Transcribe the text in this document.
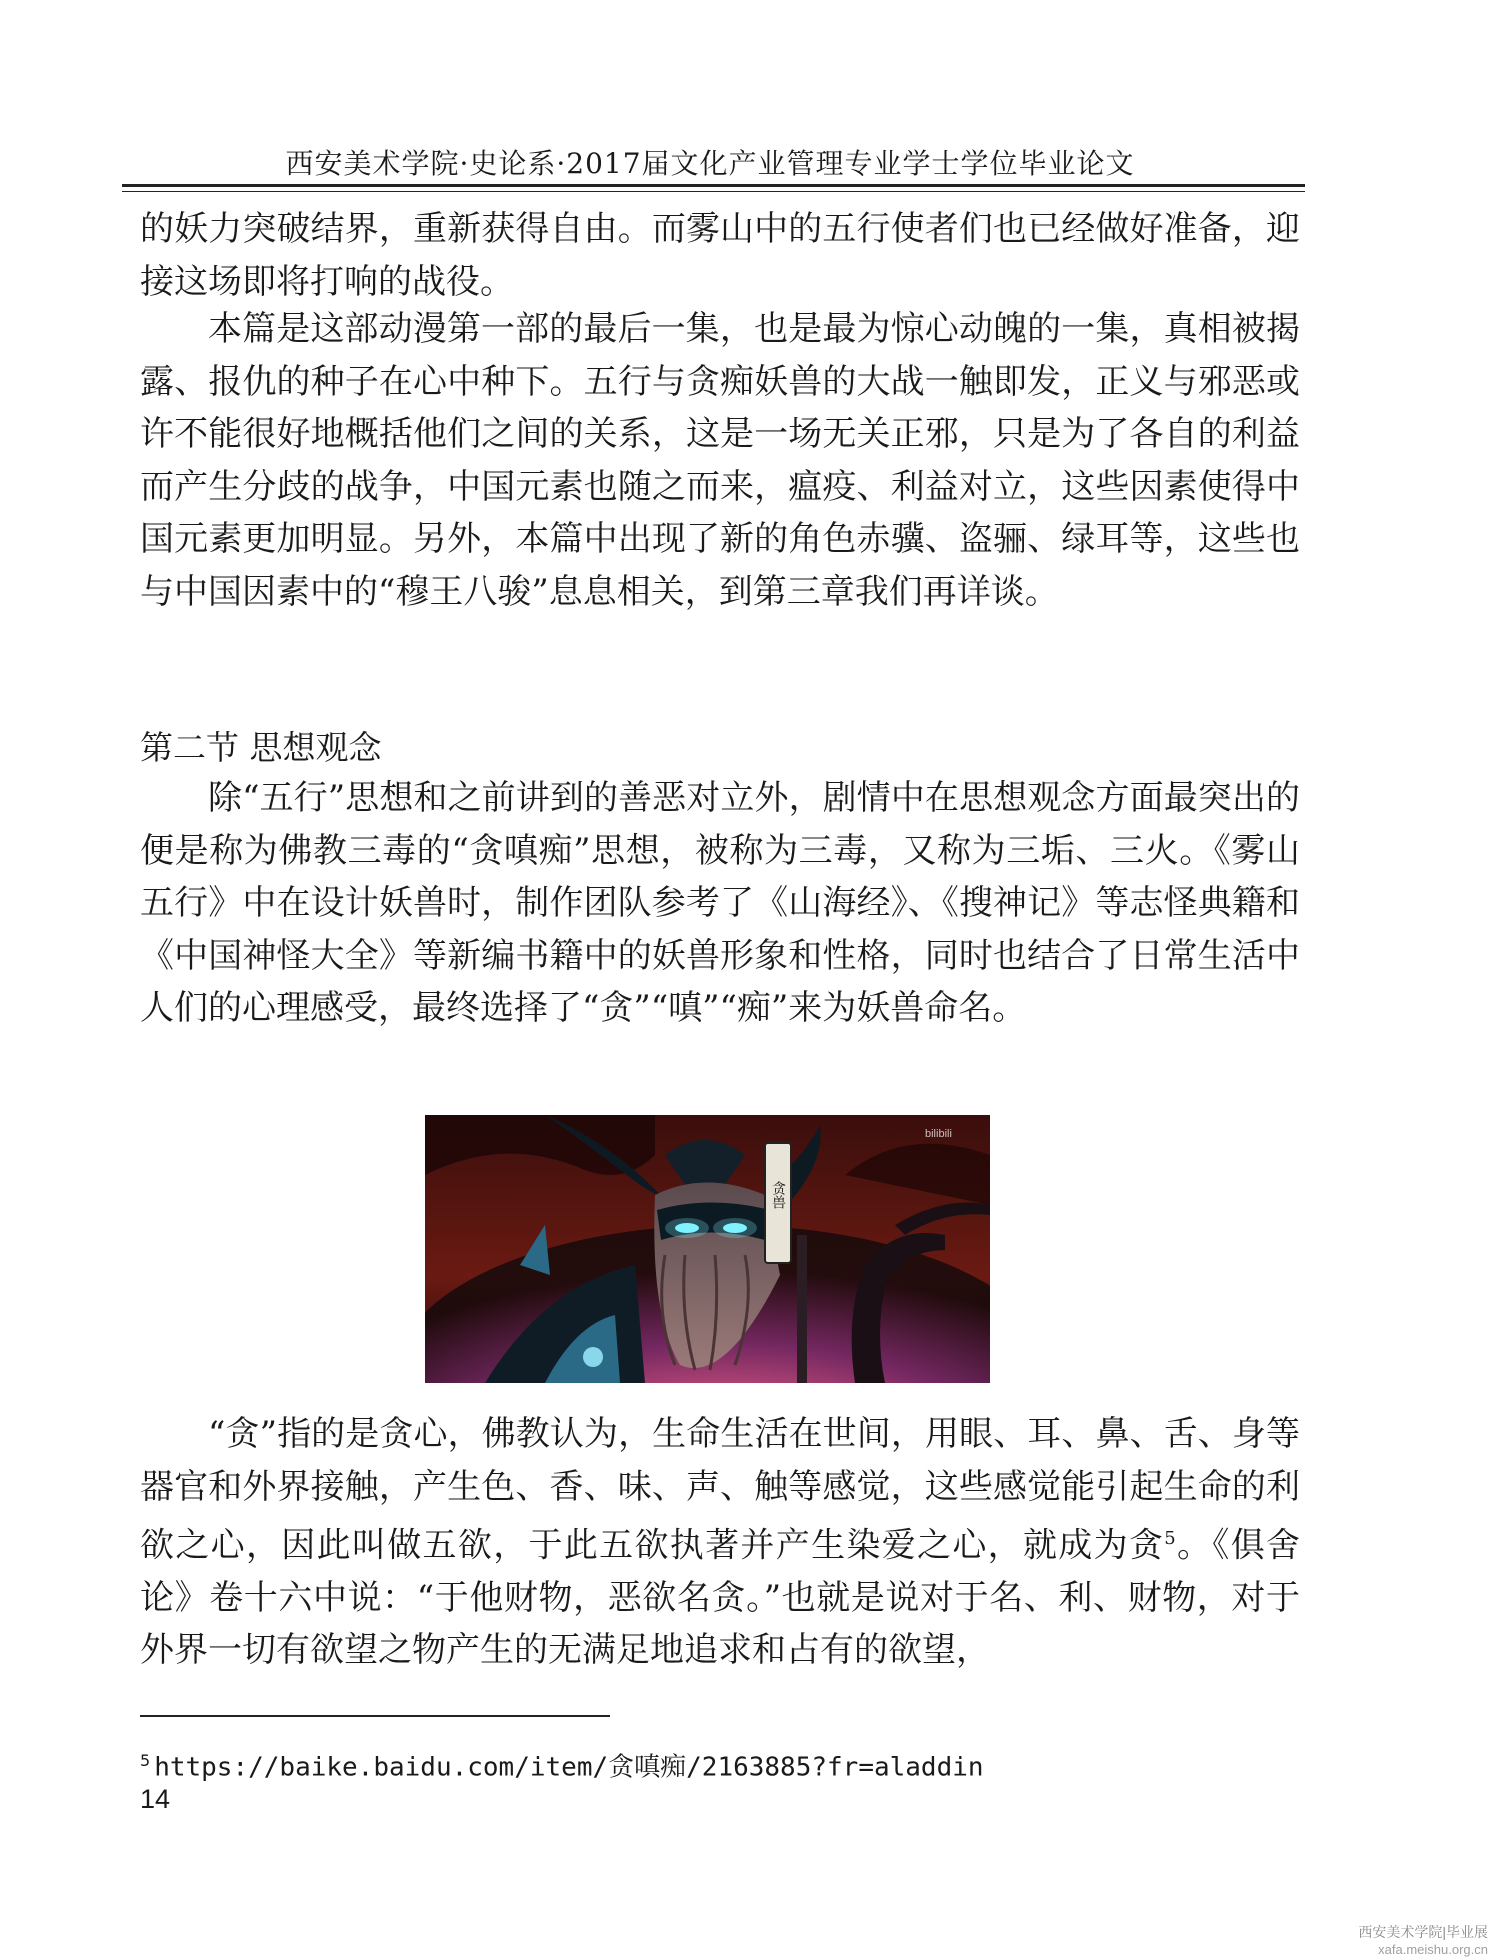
西安美术学院·史论系·2017届文化产业管理专业学士学位毕业论文

的妖力突破结界，重新获得自由。而雾山中的五行使者们也已经做好准备，迎接这场即将打响的战役。

本篇是这部动漫第一部的最后一集，也是最为惊心动魄的一集，真相被揭露、报仇的种子在心中种下。五行与贪痴妖兽的大战一触即发，正义与邪恶或许不能很好地概括他们之间的关系，这是一场无关正邪，只是为了各自的利益而产生分歧的战争，中国元素也随之而来，瘟疫、利益对立，这些因素使得中国元素更加明显。另外，本篇中出现了新的角色赤骥、盗骊、绿耳等，这些也与中国因素中的“穆王八骏”息息相关，到第三章我们再详谈。

第二节 思想观念

除“五行”思想和之前讲到的善恶对立外，剧情中在思想观念方面最突出的便是称为佛教三毒的“贪嗔痴”思想，被称为三毒，又称为三垢、三火。《雾山五行》中在设计妖兽时，制作团队参考了《山海经》、《搜神记》等志怪典籍和《中国神怪大全》等新编书籍中的妖兽形象和性格，同时也结合了日常生活中人们的心理感受，最终选择了“贪”“嗔”“痴”来为妖兽命名。

贪兽
bilibili

“贪”指的是贪心，佛教认为，生命生活在世间，用眼、耳、鼻、舌、身等器官和外界接触，产生色、香、味、声、触等感觉，这些感觉能引起生命的利欲之心，因此叫做五欲，于此五欲执著并产生染爱之心，就成为贪$^5$。《俱舍论》卷十六中说：“于他财物，恶欲名贪。”也就是说对于名、利、财物，对于外界一切有欲望之物产生的无满足地追求和占有的欲望，

$^5$ https://baike.baidu.com/item/贪嗔痴/2163885?fr=aladdin
14
西安美术学院|毕业展
xafa.meishu.org.cn
